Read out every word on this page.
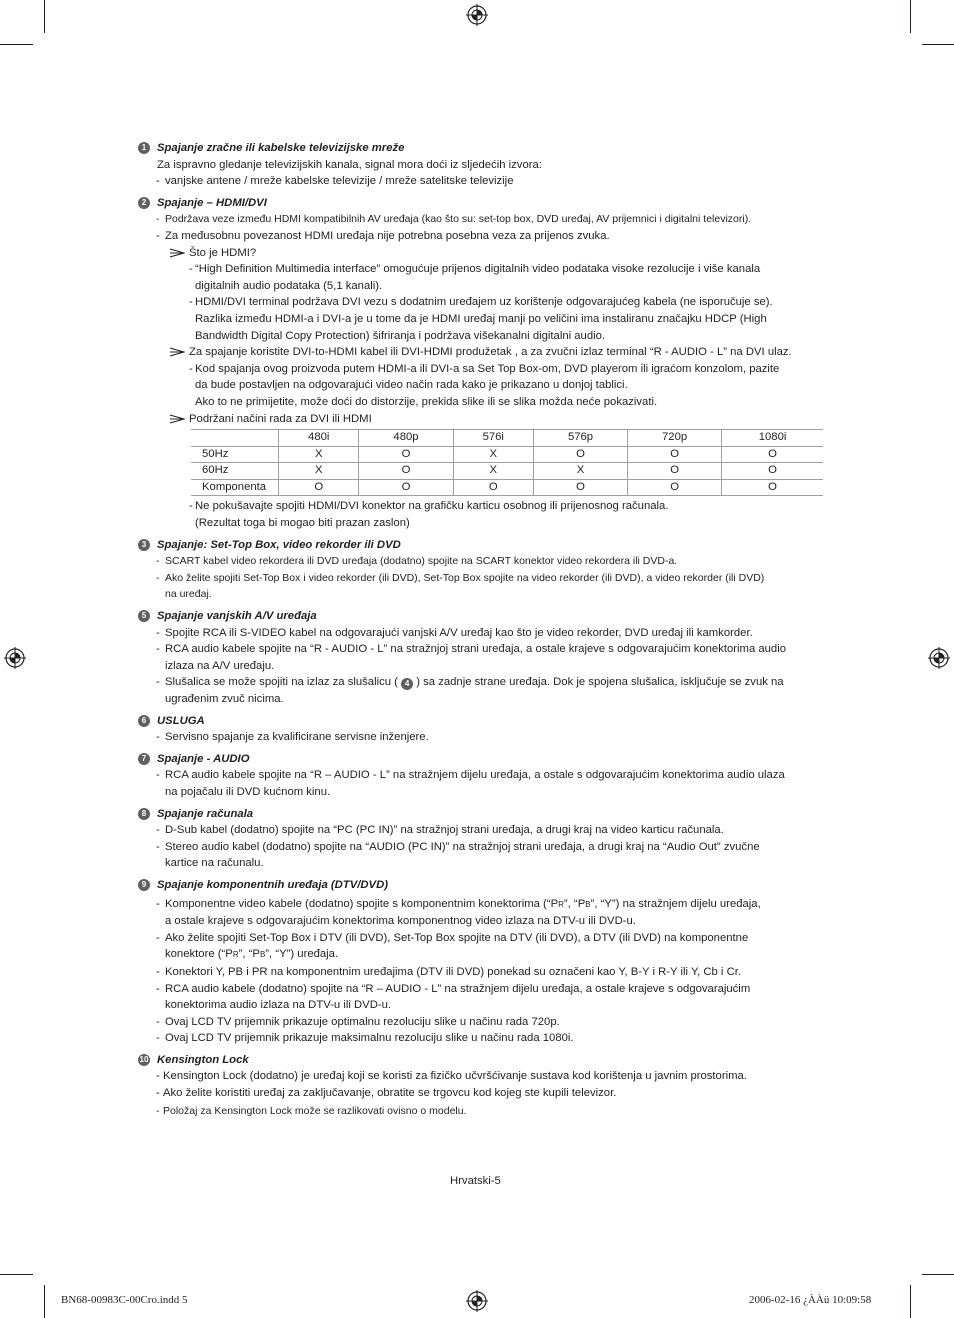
1 Spajanje zračne ili kabelske televizijske mreže
Za ispravno gledanje televizijskih kanala, signal mora doći iz sljedećih izvora:
- vanjske antene / mreže kabelske televizije / mreže satelitske televizije
2 Spajanje – HDMI/DVI
- Podržava veze između HDMI kompatibilnih AV uređaja (kao što su: set-top box, DVD uređaj, AV prijemnici i digitalni televizori).
- Za međusobnu povezanost HDMI uređaja nije potrebna posebna veza za prijenos zvuka.
Što je HDMI?
- “High Definition Multimedia interface” omogućuje prijenos digitalnih video podataka visoke rezolucije i više kanala
digitalnih audio podataka (5,1 kanali).
- HDMI/DVI terminal podržava DVI vezu s dodatnim uređajem uz korištenje odgovarajućeg kabela (ne isporučuje se).
Razlika između HDMI-a i DVI-a je u tome da je HDMI uređaj manji po veličini ima instaliranu značajku HDCP (High
Bandwidth Digital Copy Protection) šifriranja i podržava višekanalni digitalni audio.
Za spajanje koristite DVI-to-HDMI kabel ili DVI-HDMI produžetak , a za zvučni izlaz terminal “R - AUDIO - L” na DVI ulaz.
- Kod spajanja ovog proizvoda putem HDMI-a ili DVI-a sa Set Top Box-om, DVD playerom ili igraćom konzolom, pazite
da bude postavljen na odgovarajući video način rada kako je prikazano u donjoj tablici.
Ako to ne primijetite, može doći do distorzije, prekida slike ili se slika možda neće pokazivati.
Podržani načini rada za DVI ili HDMI
	480i	480p	576i	576p	720p	1080i
50Hz	X	O	X	O	O	O
60Hz	X	O	X	X	O	O
Komponenta	O	O	O	O	O	O
- Ne pokušavajte spojiti HDMI/DVI konektor na grafičku karticu osobnog ili prijenosnog računala.
(Rezultat toga bi mogao biti prazan zaslon)
3 Spajanje: Set-Top Box, video rekorder ili DVD
- SCART kabel video rekordera ili DVD uređaja (dodatno) spojite na SCART konektor video rekordera ili DVD-a.
- Ako želite spojiti Set-Top Box i video rekorder (ili DVD), Set-Top Box spojite na video rekorder (ili DVD), a video rekorder (ili DVD)
na uređaj.
5 Spajanje vanjskih A/V uređaja
- Spojite RCA ili S-VIDEO kabel na odgovarajući vanjski A/V uređaj kao što je video rekorder, DVD uređaj ili kamkorder.
- RCA audio kabele spojite na “R - AUDIO - L” na stražnjoj strani uređaja, a ostale krajeve s odgovarajućim konektorima audio
izlaza na A/V uređaju.
- Slušalica se može spojiti na izlaz za slušalicu ( 4 ) sa zadnje strane uređaja. Dok je spojena slušalica, isključuje se zvuk na
ugrađenim zvuč nicima.
6 USLUGA
- Servisno spajanje za kvalificirane servisne inženjere.
7 Spajanje - AUDIO
- RCA audio kabele spojite na “R – AUDIO - L” na stražnjem dijelu uređaja, a ostale s odgovarajućim konektorima audio ulaza
na pojačalu ili DVD kućnom kinu.
8 Spajanje računala
- D-Sub kabel (dodatno) spojite na “PC (PC IN)” na stražnjoj strani uređaja, a drugi kraj na video karticu računala.
- Stereo audio kabel (dodatno) spojite na “AUDIO (PC IN)” na stražnjoj strani uređaja, a drugi kraj na “Audio Out” zvučne
kartice na računalu.
9 Spajanje komponentnih uređaja (DTV/DVD)
- Komponentne video kabele (dodatno) spojite s komponentnim konektorima (“PR”, “PB”, “Y”) na stražnjem dijelu uređaja,
a ostale krajeve s odgovarajućim konektorima komponentnog video izlaza na DTV-u ili DVD-u.
- Ako želite spojiti Set-Top Box i DTV (ili DVD), Set-Top Box spojite na DTV (ili DVD), a DTV (ili DVD) na komponentne
konektore (“PR”, “PB”, “Y”) uređaja.
- Konektori Y, PB i PR na komponentnim uređajima (DTV ili DVD) ponekad su označeni kao Y, B-Y i R-Y ili Y, Cb i Cr.
- RCA audio kabele (dodatno) spojite na “R – AUDIO - L” na stražnjem dijelu uređaja, a ostale krajeve s odgovarajućim
konektorima audio izlaza na DTV-u ili DVD-u.
- Ovaj LCD TV prijemnik prikazuje optimalnu rezoluciju slike u načinu rada 720p.
- Ovaj LCD TV prijemnik prikazuje maksimalnu rezoluciju slike u načinu rada 1080i.
10 Kensington Lock
- Kensington Lock (dodatno) je uređaj koji se koristi za fizičko učvršćivanje sustava kod korištenja u javnim prostorima.
- Ako želite koristiti uređaj za zaključavanje, obratite se trgovcu kod kojeg ste kupili televizor.
- Položaj za Kensington Lock može se razlikovati ovisno o modelu.
Hrvatski-5
BN68-00983C-00Cro.indd 5	2006-02-16 ¿ÀÀü 10:09:58
